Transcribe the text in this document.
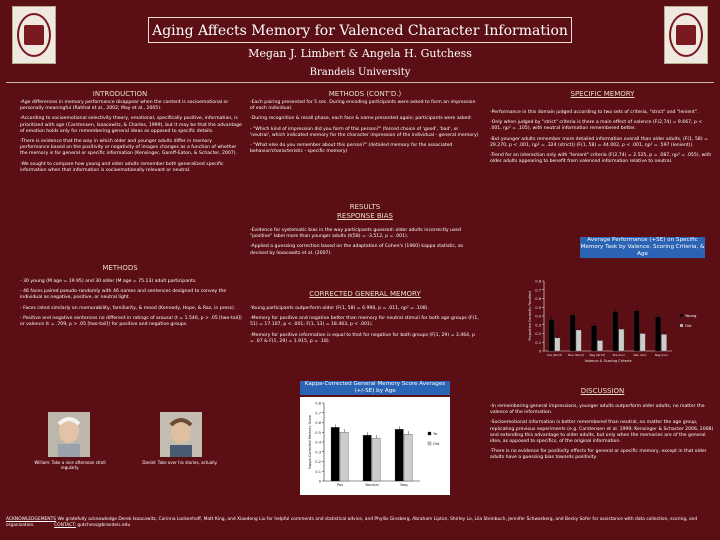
Aging Affects Memory for Valenced Character Information
Megan J. Limbert & Angela H. Gutchess
Brandeis University
INTRODUCTION

-Age differences in memory performance disappear when the content is socioemotional or personally meaningful (Rahhal et al., 2002; May et al., 2005).

-According to socioemotional selectivity theory, emotional, specifically positive, information, is prioritized with age (Carstensen, Isaacowitz, & Charles, 1999), but it may be that the advantage of emotion holds only for remembering general ideas as opposed to specific details.

-There is evidence that the way in which older and younger adults differ in memory performance based on the positivity or negativity of images changes as a function of whether the memory is for general or specific information (Kensinger, Garoff-Eaton, & Schacter, 2007).

-We sought to compare how young and older adults remember both generalized specific information when that information is socioemotionally relevant or neutral.

METHODS

- 30 young (M age = 19.95) and 30 older (M age = 75.13) adult participants.

- 46 faces paired pseudo-randomly with 46 names and sentences designed to convey the individual as negative, positive, or neutral light.

- Faces rated similarly on memorability, familiarity, & mood (Kennedy, Hope, & Raz, in press).

- Positive and negative sentences no different in ratings of arousal (t = 1.546, p > .05 [two-tail]) or valence (t = .709, p > .05 [two-tail]) for positive and negative groups.

William: Take a nice afternoon stroll regularly.
Daniel: Take over his stories, actually.
METHODS (CONT'D.)

-Each pairing presented for 5 sec. During encoding participants were asked to form an impression of each individual.

-During recognition & recall phase, each face & name presented again; participants were asked:

- "Which kind of impression did you form of this person?" (forced choice of 'good', 'bad', or 'neutral', which indicated memory for the character impression of the individual - general memory)

- "What else do you remember about this person?" (detailed memory for the associated behavior/characteristic - specific memory)

RESULTS
RESPONSE BIAS

-Evidence for systematic bias in the way participants guessed: older adults incorrectly used "positive" label more than younger adults (t(58) = -3.512, p = .001).

-Applied a guessing correction based on the adaptation of Cohen's (1960) kappa statistic, as devised by Isaacowitz et al. (2007).

CORRECTED GENERAL MEMORY

-Young participants outperform older (F(1, 58) = 6.990, p = .011, ηp² = .108).

-Memory for positive and negative better than memory for neutral stimuli for both age groups (F(1, 51) = 17.107, p < .001; F(1, 13) = 18.463, p < .001).

-Memory for positive information is equal to that for negative for both groups (F(1, 29) = 3.464, p = .07 & F(1, 29) = 1.915, p = .18).

Kappa-Corrected General Memory Score Averages (+/-SE) by Age
0
0.1
0.2
0.3
0.4
0.5
0.6
0.7
0.8
Kappa-Corrected Memory Score
Pos	Neutral	Neg
Yo
Old
SPECIFIC MEMORY

-Performance in this domain judged according to two sets of criteria, "strict" and "lenient".

-Only when judged by "strict" criteria is there a main effect of valence (F(2,74) = 9.667, p < .001, ηp² = .105), with neutral information remembered better.

-But younger adults remember more detailed information overall than older adults, (F(1, 58) = 29.270, p < .001, ηp² = .324 (strict)) (F(1, 58) = 44.002, p < .001, ηp² = .597 (lenient)).

-Trend for an interaction only with "lenient" criteria (F(2,74) = 2.525, p = .087, ηp² = .055), with older adults appearing to benefit from valenced information relative to neutral.

Average Performance (+SE) on Specific Memory Task by Valence, Scoring Criteria, & Age
0
0.1
0.2
0.3
0.4
0.5
0.6
0.7
0.8
Proportion Correctly Recalled
Pos (strict) Neu (strict) Neg (strict)	Pos (len)	Neu (len)	Neg (len)
Valence & Scoring Criteria
Young
Old
DISCUSSION

-In remembering general impressions, younger adults outperform older adults, no matter the valence of the information.

-Socioemotional information is better remembered than neutral, no matter the age group, replicating previous experiments (e.g. Carstensen et al. 1999; Kensinger & Schacter 2006, 2008) and extending this advantage to older adults, but only when the memories are of the general idea, as opposed to specifics, of the original information.

-There is no evidence for positivity effects for general or specific memory, except in that older adults have a guessing bias towards positivity.

ACKNOWLEDGEMENTS We gratefully acknowledge Derek Isaacowitz, Corinna Lockenhoff, Matt King, and Xiaodong Liu for helpful comments and statistical advice, and Phyllis Ginsberg, Abraham Lipton, Shirley Lo, Lila Steinbuch, Jennifer Schwarberg, and Becky Sofer for assistance with data collection, scoring, and organization.	CONTACT: gutchess@brandeis.edu
